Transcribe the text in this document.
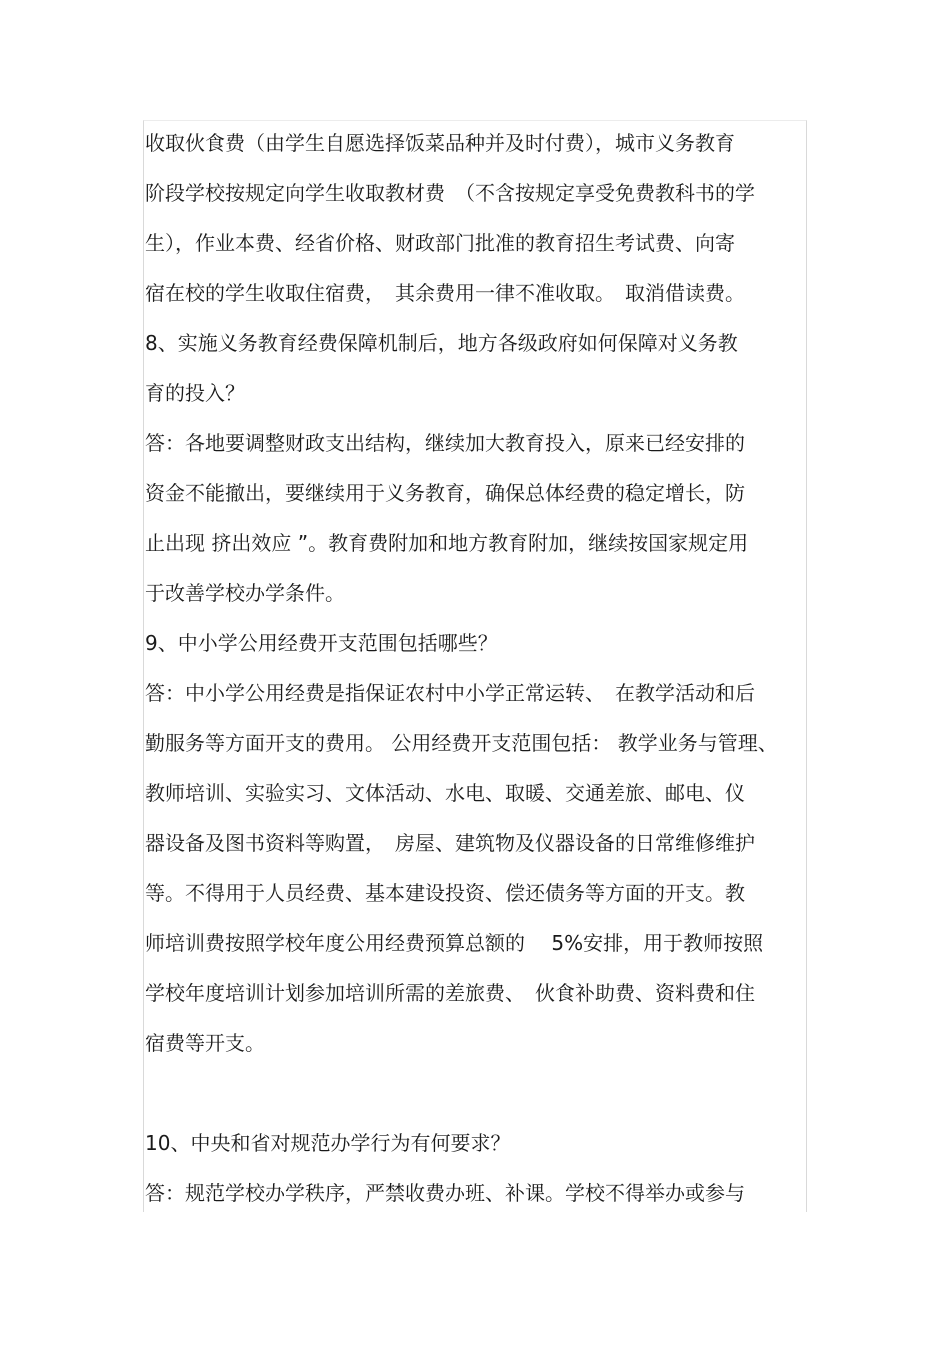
收取伙食费（由学生自愿选择饭菜品种并及时付费），城市义务教育
阶段学校按规定向学生收取教材费　（不含按规定享受免费教科书的学
生），作业本费、经省价格、财政部门批准的教育招生考试费、向寄
宿在校的学生收取住宿费，　其余费用一律不准收取。　取消借读费。
8、实施义务教育经费保障机制后，地方各级政府如何保障对义务教
育的投入？
答：各地要调整财政支出结构，继续加大教育投入，原来已经安排的
资金不能撤出，要继续用于义务教育，确保总体经费的稳定增长，防
止出现 挤出效应 ”。教育费附加和地方教育附加，继续按国家规定用
于改善学校办学条件。
9、中小学公用经费开支范围包括哪些？
答：中小学公用经费是指保证农村中小学正常运转、　在教学活动和后
勤服务等方面开支的费用。 公用经费开支范围包括： 教学业务与管理、
教师培训、实验实习、文体活动、水电、取暖、交通差旅、邮电、仪
器设备及图书资料等购置，　房屋、建筑物及仪器设备的日常维修维护
等。不得用于人员经费、基本建设投资、偿还债务等方面的开支。教
师培训费按照学校年度公用经费预算总额的　 5%安排，用于教师按照
学校年度培训计划参加培训所需的差旅费、　伙食补助费、资料费和住
宿费等开支。
10、中央和省对规范办学行为有何要求？
答：规范学校办学秩序，严禁收费办班、补课。学校不得举办或参与
